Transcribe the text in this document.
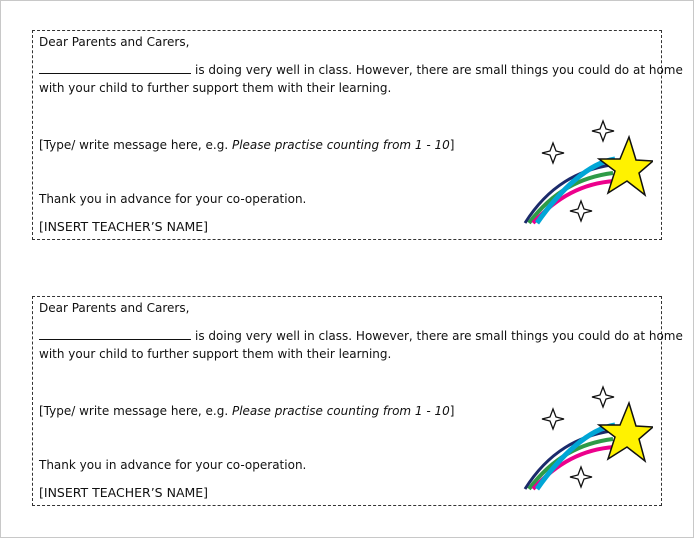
Dear Parents and Carers,
is doing very well in class. However, there are small things you could do at home
with your child to further support them with their learning.
[Type/ write message here, e.g. Please practise counting from 1 - 10]
Thank you in advance for your co-operation.
[INSERT TEACHER’S NAME]
Dear Parents and Carers,
is doing very well in class. However, there are small things you could do at home
with your child to further support them with their learning.
[Type/ write message here, e.g. Please practise counting from 1 - 10]
Thank you in advance for your co-operation.
[INSERT TEACHER’S NAME]
